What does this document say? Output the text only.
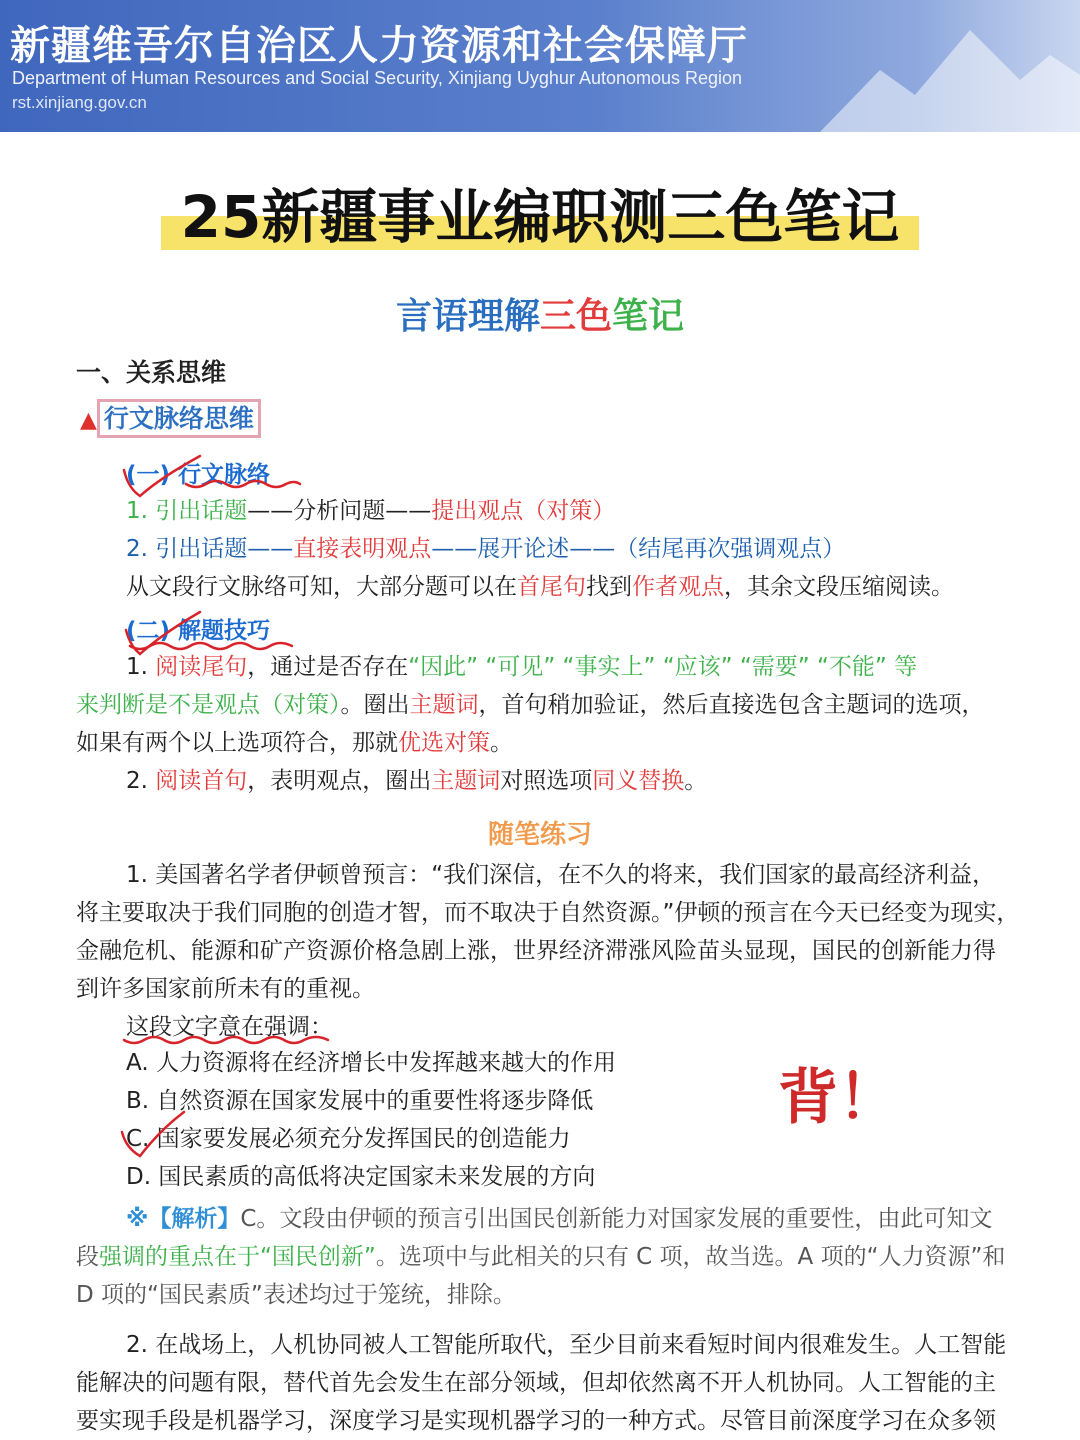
新疆维吾尔自治区人力资源和社会保障厅
Department of Human Resources and Social Security, Xinjiang Uyghur Autonomous Region
rst.xinjiang.gov.cn
25新疆事业编职测三色笔记
言语理解三色笔记
一、关系思维
▲ 行文脉络思维
(一) 行文脉络
1. 引出话题——分析问题——提出观点（对策）
2. 引出话题——直接表明观点——展开论述——（结尾再次强调观点）
从文段行文脉络可知，大部分题可以在首尾句找到作者观点，其余文段压缩阅读。
(二) 解题技巧
1. 阅读尾句，通过是否存在“因此” “可见” “事实上” “应该” “需要” “不能” 等
来判断是不是观点（对策）。圈出主题词，首句稍加验证，然后直接选包含主题词的选项，
如果有两个以上选项符合，那就优选对策。
2. 阅读首句，表明观点，圈出主题词对照选项同义替换。
随笔练习
1. 美国著名学者伊顿曾预言：“我们深信，在不久的将来，我们国家的最高经济利益，
将主要取决于我们同胞的创造才智，而不取决于自然资源。”伊顿的预言在今天已经变为现实，
金融危机、能源和矿产资源价格急剧上涨，世界经济滞涨风险苗头显现，国民的创新能力得
到许多国家前所未有的重视。
这段文字意在强调：
A. 人力资源将在经济增长中发挥越来越大的作用
B. 自然资源在国家发展中的重要性将逐步降低
C. 国家要发展必须充分发挥国民的创造能力
D. 国民素质的高低将决定国家未来发展的方向
背！
※【解析】C。文段由伊顿的预言引出国民创新能力对国家发展的重要性，由此可知文
段强调的重点在于“国民创新”。选项中与此相关的只有 C 项，故当选。A 项的“人力资源”和
D 项的“国民素质”表述均过于笼统，排除。
2. 在战场上，人机协同被人工智能所取代，至少目前来看短时间内很难发生。人工智能
能解决的问题有限，替代首先会发生在部分领域，但却依然离不开人机协同。人工智能的主
要实现手段是机器学习，深度学习是实现机器学习的一种方式。尽管目前深度学习在众多领
